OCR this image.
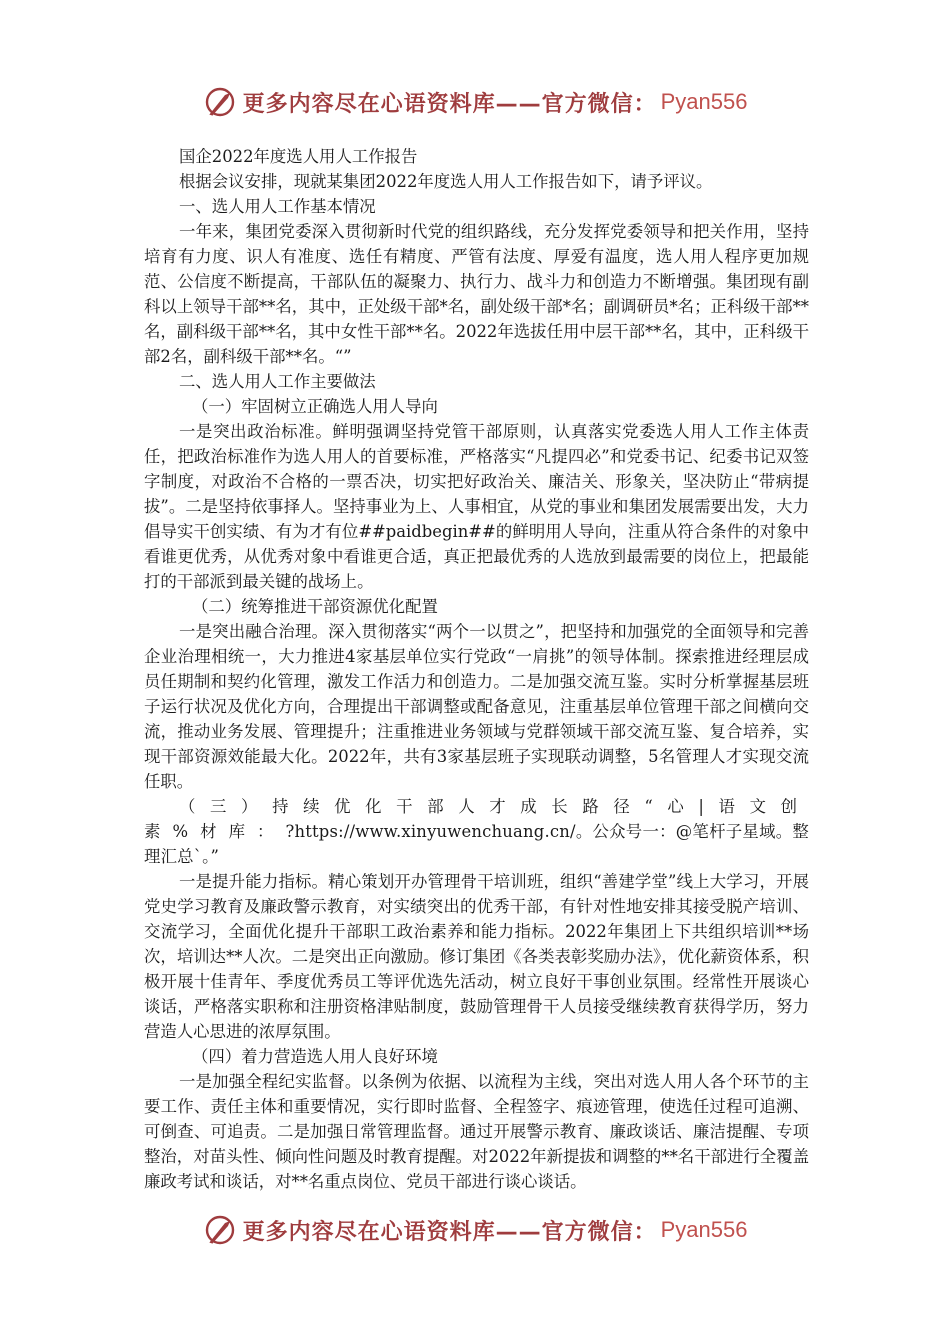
更多内容尽在心语资料库——官方微信： Pyan556

国企2022年度选人用人工作报告

根据会议安排，现就某集团2022年度选人用人工作报告如下，请予评议。

一、选人用人工作基本情况

一年来，集团党委深入贯彻新时代党的组织路线，充分发挥党委领导和把关作用，坚持培育有力度、识人有准度、选任有精度、严管有法度、厚爱有温度，选人用人程序更加规范、公信度不断提高，干部队伍的凝聚力、执行力、战斗力和创造力不断增强。集团现有副科以上领导干部**名，其中，正处级干部*名，副处级干部*名；副调研员*名；正科级干部**名，副科级干部**名，其中女性干部**名。2022年选拔任用中层干部**名，其中，正科级干部2名，副科级干部**名。“”

二、选人用人工作主要做法

（一）牢固树立正确选人用人导向

一是突出政治标准。鲜明强调坚持党管干部原则，认真落实党委选人用人工作主体责任，把政治标准作为选人用人的首要标准，严格落实“凡提四必”和党委书记、纪委书记双签字制度，对政治不合格的一票否决，切实把好政治关、廉洁关、形象关，坚决防止“带病提拔”。二是坚持依事择人。坚持事业为上、人事相宜，从党的事业和集团发展需要出发，大力倡导实干创实绩、有为才有位##paidbegin##的鲜明用人导向，注重从符合条件的对象中看谁更优秀，从优秀对象中看谁更合适，真正把最优秀的人选放到最需要的岗位上，把最能打的干部派到最关键的战场上。

（二）统筹推进干部资源优化配置

一是突出融合治理。深入贯彻落实“两个一以贯之”，把坚持和加强党的全面领导和完善企业治理相统一，大力推进4家基层单位实行党政“一肩挑”的领导体制。探索推进经理层成员任期制和契约化管理，激发工作活力和创造力。二是加强交流互鉴。实时分析掌握基层班子运行状况及优化方向，合理提出干部调整或配备意见，注重基层单位管理干部之间横向交流，推动业务发展、管理提升；注重推进业务领域与党群领域干部交流互鉴、复合培养，实现干部资源效能最大化。2022年，共有3家基层班子实现联动调整，5名管理人才实现交流任职。

（三）持续优化干部人才成长路径“心|语文创素%材库：?https://www.xinyuwenchuang.cn/。公众号一：@笔杆子星域。整理汇总`。”

一是提升能力指标。精心策划开办管理骨干培训班，组织“善建学堂”线上大学习，开展党史学习教育及廉政警示教育，对实绩突出的优秀干部，有针对性地安排其接受脱产培训、交流学习，全面优化提升干部职工政治素养和能力指标。2022年集团上下共组织培训**场次，培训达**人次。二是突出正向激励。修订集团《各类表彰奖励办法》，优化薪资体系，积极开展十佳青年、季度优秀员工等评优选先活动，树立良好干事创业氛围。经常性开展谈心谈话，严格落实职称和注册资格津贴制度，鼓励管理骨干人员接受继续教育获得学历，努力营造人心思进的浓厚氛围。

（四）着力营造选人用人良好环境

一是加强全程纪实监督。以条例为依据、以流程为主线，突出对选人用人各个环节的主要工作、责任主体和重要情况，实行即时监督、全程签字、痕迹管理，使选任过程可追溯、可倒查、可追责。二是加强日常管理监督。通过开展警示教育、廉政谈话、廉洁提醒、专项整治，对苗头性、倾向性问题及时教育提醒。对2022年新提拔和调整的**名干部进行全覆盖廉政考试和谈话，对**名重点岗位、党员干部进行谈心谈话。

更多内容尽在心语资料库——官方微信： Pyan556
